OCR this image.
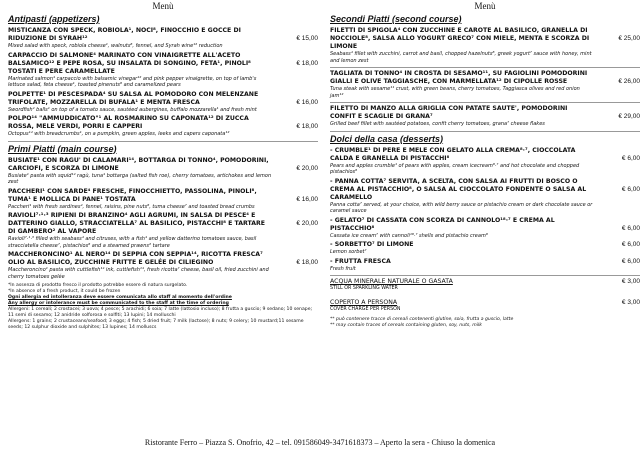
Menù
Antipasti (appetizers)
MISTICANZA CON SPECK, ROBIOLA¹, NOCI⁸, FINOCCHIO E GOCCE DI RIDUZIONE DI SYRAH¹²
Mixed salad with speck, robiola cheese¹, walnuts⁸, fennel, and Syrah wine¹² reduction
€ 15,00
CARPACCIO DI SALMONE⁴ MARINATO CON VINAIGRETTE ALL'ACETO BALSAMICO¹² E PEPE ROSA, SU INSALATA DI SONGINO, FETA¹, PINOLI⁸ TOSTATI E PERE CARAMELLATE
Marinated salmon⁴ carpaccio with balsamic vinegar¹² and pink pepper vinaigrette, on top of lamb's lettuce salad, feta cheese¹, toasted pinenuts⁸ and caramelized pears
€ 18,00
POLPETTE¹ DI PESCESPADA⁴ SU SALSA AL POMODORO CON MELENZANE TRIFOLATE, MOZZARELLA DI BUFALA¹ E MENTA FRESCA
Swordfish⁴ balls¹ on top of a tomato sauce, sautéed aubergines, buffalo mozzarella¹ and fresh mint
€ 16,00
POLPO¹⁴ "AMMUDDICATO"¹ AL ROSMARINO SU CAPONATA¹² DI ZUCCA ROSSA, MELE VERDI, PORRI E CAPPERI
Octopus¹⁴ with breadcrumbs¹, on a pumpkin, green apples, leeks and capers caponata¹²
€ 18,00
Primi Piatti (main course)
BUSIATE¹ CON RAGU' DI CALAMARI¹⁴, BOTTARGA DI TONNO⁴, POMODORINI, CARCIOFI, E SCORZA DI LIMONE
Busiate¹ pasta with squid¹⁴ ragù, tuna⁴ bottarga (salted fish roe), cherry tomatoes, artichokes and lemon zest
€ 20,00
PACCHERI¹ CON SARDE⁴ FRESCHE, FINOCCHIETTO, PASSOLINA, PINOLI⁸, TUMA¹ E MOLLICA DI PANE¹ TOSTATA
Paccheri¹ with fresh sardines⁴, fennel, raisins, pine nuts⁸, tuma cheese⁷ and toasted bread crumbs
€ 16,00
RAVIOLI⁷·¹·³ RIPIENI DI BRANZINO⁴ AGLI AGRUMI, IN SALSA DI PESCE⁴ E DATTERINO GIALLO, STRACCIATELLA⁷ AL BASILICO, PISTACCHI⁸ E TARTARE DI GAMBERO² AL VAPORE
Ravioli⁷·¹·³ filled with seabass⁴ and citruses, with a fish⁴ and yellow datterino tomatoes sauce, basil stracciatella cheese⁷, pistachios⁸ and a steamed prawns² tartare
€ 20,00
MACCHERONCINO¹ AL NERO¹⁴ DI SEPPIA CON SEPPIA¹⁴, RICOTTA FRESCA⁷ OLIO AL BASILICO, ZUCCHINE FRITTE E GELÉE DI CILIEGINO
Maccheroncino¹ pasta with cuttlefish¹⁴ ink, cuttlefish¹⁴, fresh ricotta⁷ cheese, basil oil, fried zucchini and cherry tomatoes gelée
€ 18,00
*In assenza di prodotto fresco il prodotto potrebbe essere di natura surgelato.
*In absence of a fresh product, it could be frozen
Ogni allergia ed intolleranza deve essere comunicata allo staff al momento dell'ordine
Any allergy or intolerance must be communicated to the staff at the time of ordering
Allergeni: 1 cereali; 2 crostacei; 3 uova; 4 pesce; 5 arachidi; 6 soia; 7 latte (lattosio incluso); 8 frutta a guscio; 9 sedano; 10 senape; 11 semi di sesamo; 12 anidride solforosa e solfiti; 13 lupini; 14 molluschi
Allergens: 1 grains; 2 crustaceans/seafood; 3 eggs; 4 fish; 5 dried fruit; 7 milk (lactose); 8 nuts; 9 celery; 10 mustard;11 sesame seeds; 12 sulphur dioxide and sulphites; 13 lupines; 14 molluscs
Menù
Secondi Piatti (second course)
FILETTI DI SPIGOLA⁴ CON ZUCCHINE E CAROTE AL BASILICO, GRANELLA DI NOCCIOLE⁸, SALSA ALLO YOGURT GRECO⁷ CON MIELE, MENTA E SCORZA DI LIMONE
Seabass⁴ fillet with zucchini, carrot and basil, chopped hazelnuts⁸, greek yogurt⁷ sauce with honey, mint and lemon zest
€ 25,00
TAGLIATA DI TONNO⁴ IN CROSTA DI SESAMO¹¹, SU FAGIOLINI POMODORINI GIALLI E OLIVE TAGGIASCHE, CON MARMELLATA¹² DI CIPOLLE ROSSE
Tuna steak with sesame¹¹ crust, with green beans, cherry tomatoes, Taggiasca olives and red onion jam¹²
€ 26,00
FILETTO DI MANZO ALLA GRIGLIA CON PATATE SAUTE', POMODORINI CONFIT E SCAGLIE DI GRANA⁷
Grilled beef fillet with sautéed potatoes, confit cherry tomatoes, grana⁷ cheese flakes
€ 29,00
Dolci della casa (desserts)
- CRUMBLE¹ DI PERE E MELE CON GELATO ALLA CREMA⁸·⁷, CIOCCOLATA CALDA E GRANELLA DI PISTACCHI⁸
Pears and apples crumble¹ of pears with apples, cream icecream⁸·⁷ and hot chocolate and chopped pistachios⁸
€ 6,00
- PANNA COTTA⁷ SERVITA, A SCELTA, CON SALSA AI FRUTTI DI BOSCO O CREMA AL PISTACCHIO⁸, O SALSA AL CIOCCOLATO FONDENTE O SALSA AL CARAMELLO
Panna cotta⁷ served, at your choice, with wild berry sauce or pistachio cream or dark chocolate sauce or caramel sauce
€ 6,00
- GELATO⁷ DI CASSATA CON SCORZA DI CANNOLO¹⁸·⁷ E CREMA AL PISTACCHIO⁸
Cassata ice cream⁷ with cannoli¹⁸·⁷ shells and pistachio cream⁸
€ 6,00
- SORBETTO⁷ DI LIMONE
Lemon sorbet⁷
€ 6,00
- FRUTTA FRESCA
Fresh fruit
€ 6,00
ACQUA MINERALE NATURALE O GASATA
STILL OR SPARKLING WATER
€ 3,00
COPERTO A PERSONA
COVER CHARGE PER PERSON
€ 3,00
** può contenere tracce di cereali contenenti glutine, soia, frutta a guscio, latte
** may contain traces of cereals containing gluten, soy, nuts, milk
Ristorante Ferro – Piazza S. Onofrio, 42 – tel. 091586049-3471618373 – Aperto la sera - Chiuso la domenica
